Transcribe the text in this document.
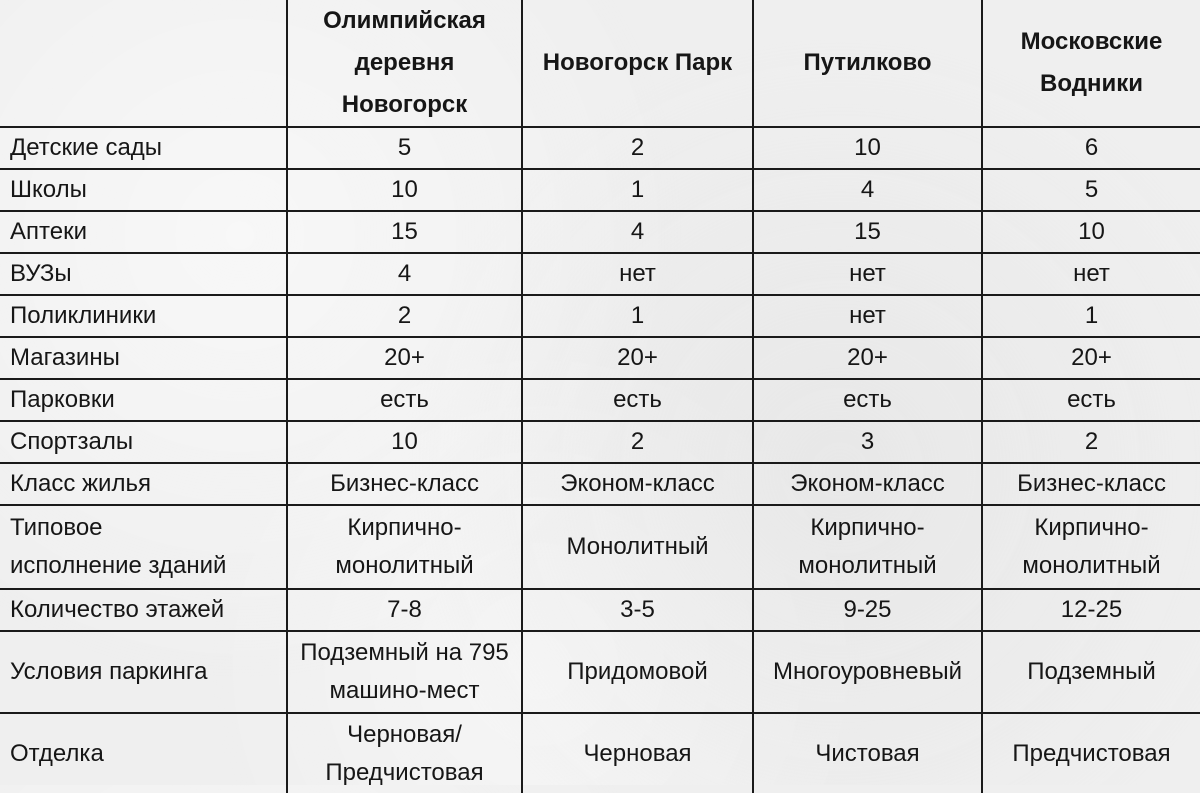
	Олимпийская деревня Новогорск	Новогорск Парк	Путилково	Московские Водники

Детские сады	5	2	10	6
Школы	10	1	4	5
Аптеки	15	4	15	10
ВУЗы	4	нет	нет	нет
Поликлиники	2	1	нет	1
Магазины	20+	20+	20+	20+
Парковки	есть	есть	есть	есть
Спортзалы	10	2	3	2
Класс жилья	Бизнес-класс	Эконом-класс	Эконом-класс	Бизнес-класс
Типовое исполнение зданий	Кирпично-монолитный	Монолитный	Кирпично-монолитный	Кирпично-монолитный
Количество этажей	7-8	3-5	9-25	12-25
Условия паркинга	Подземный на 795 машино-мест	Придомовой	Многоуровневый	Подземный
Отделка	Черновая/ Предчистовая	Черновая	Чистовая	Предчистовая
